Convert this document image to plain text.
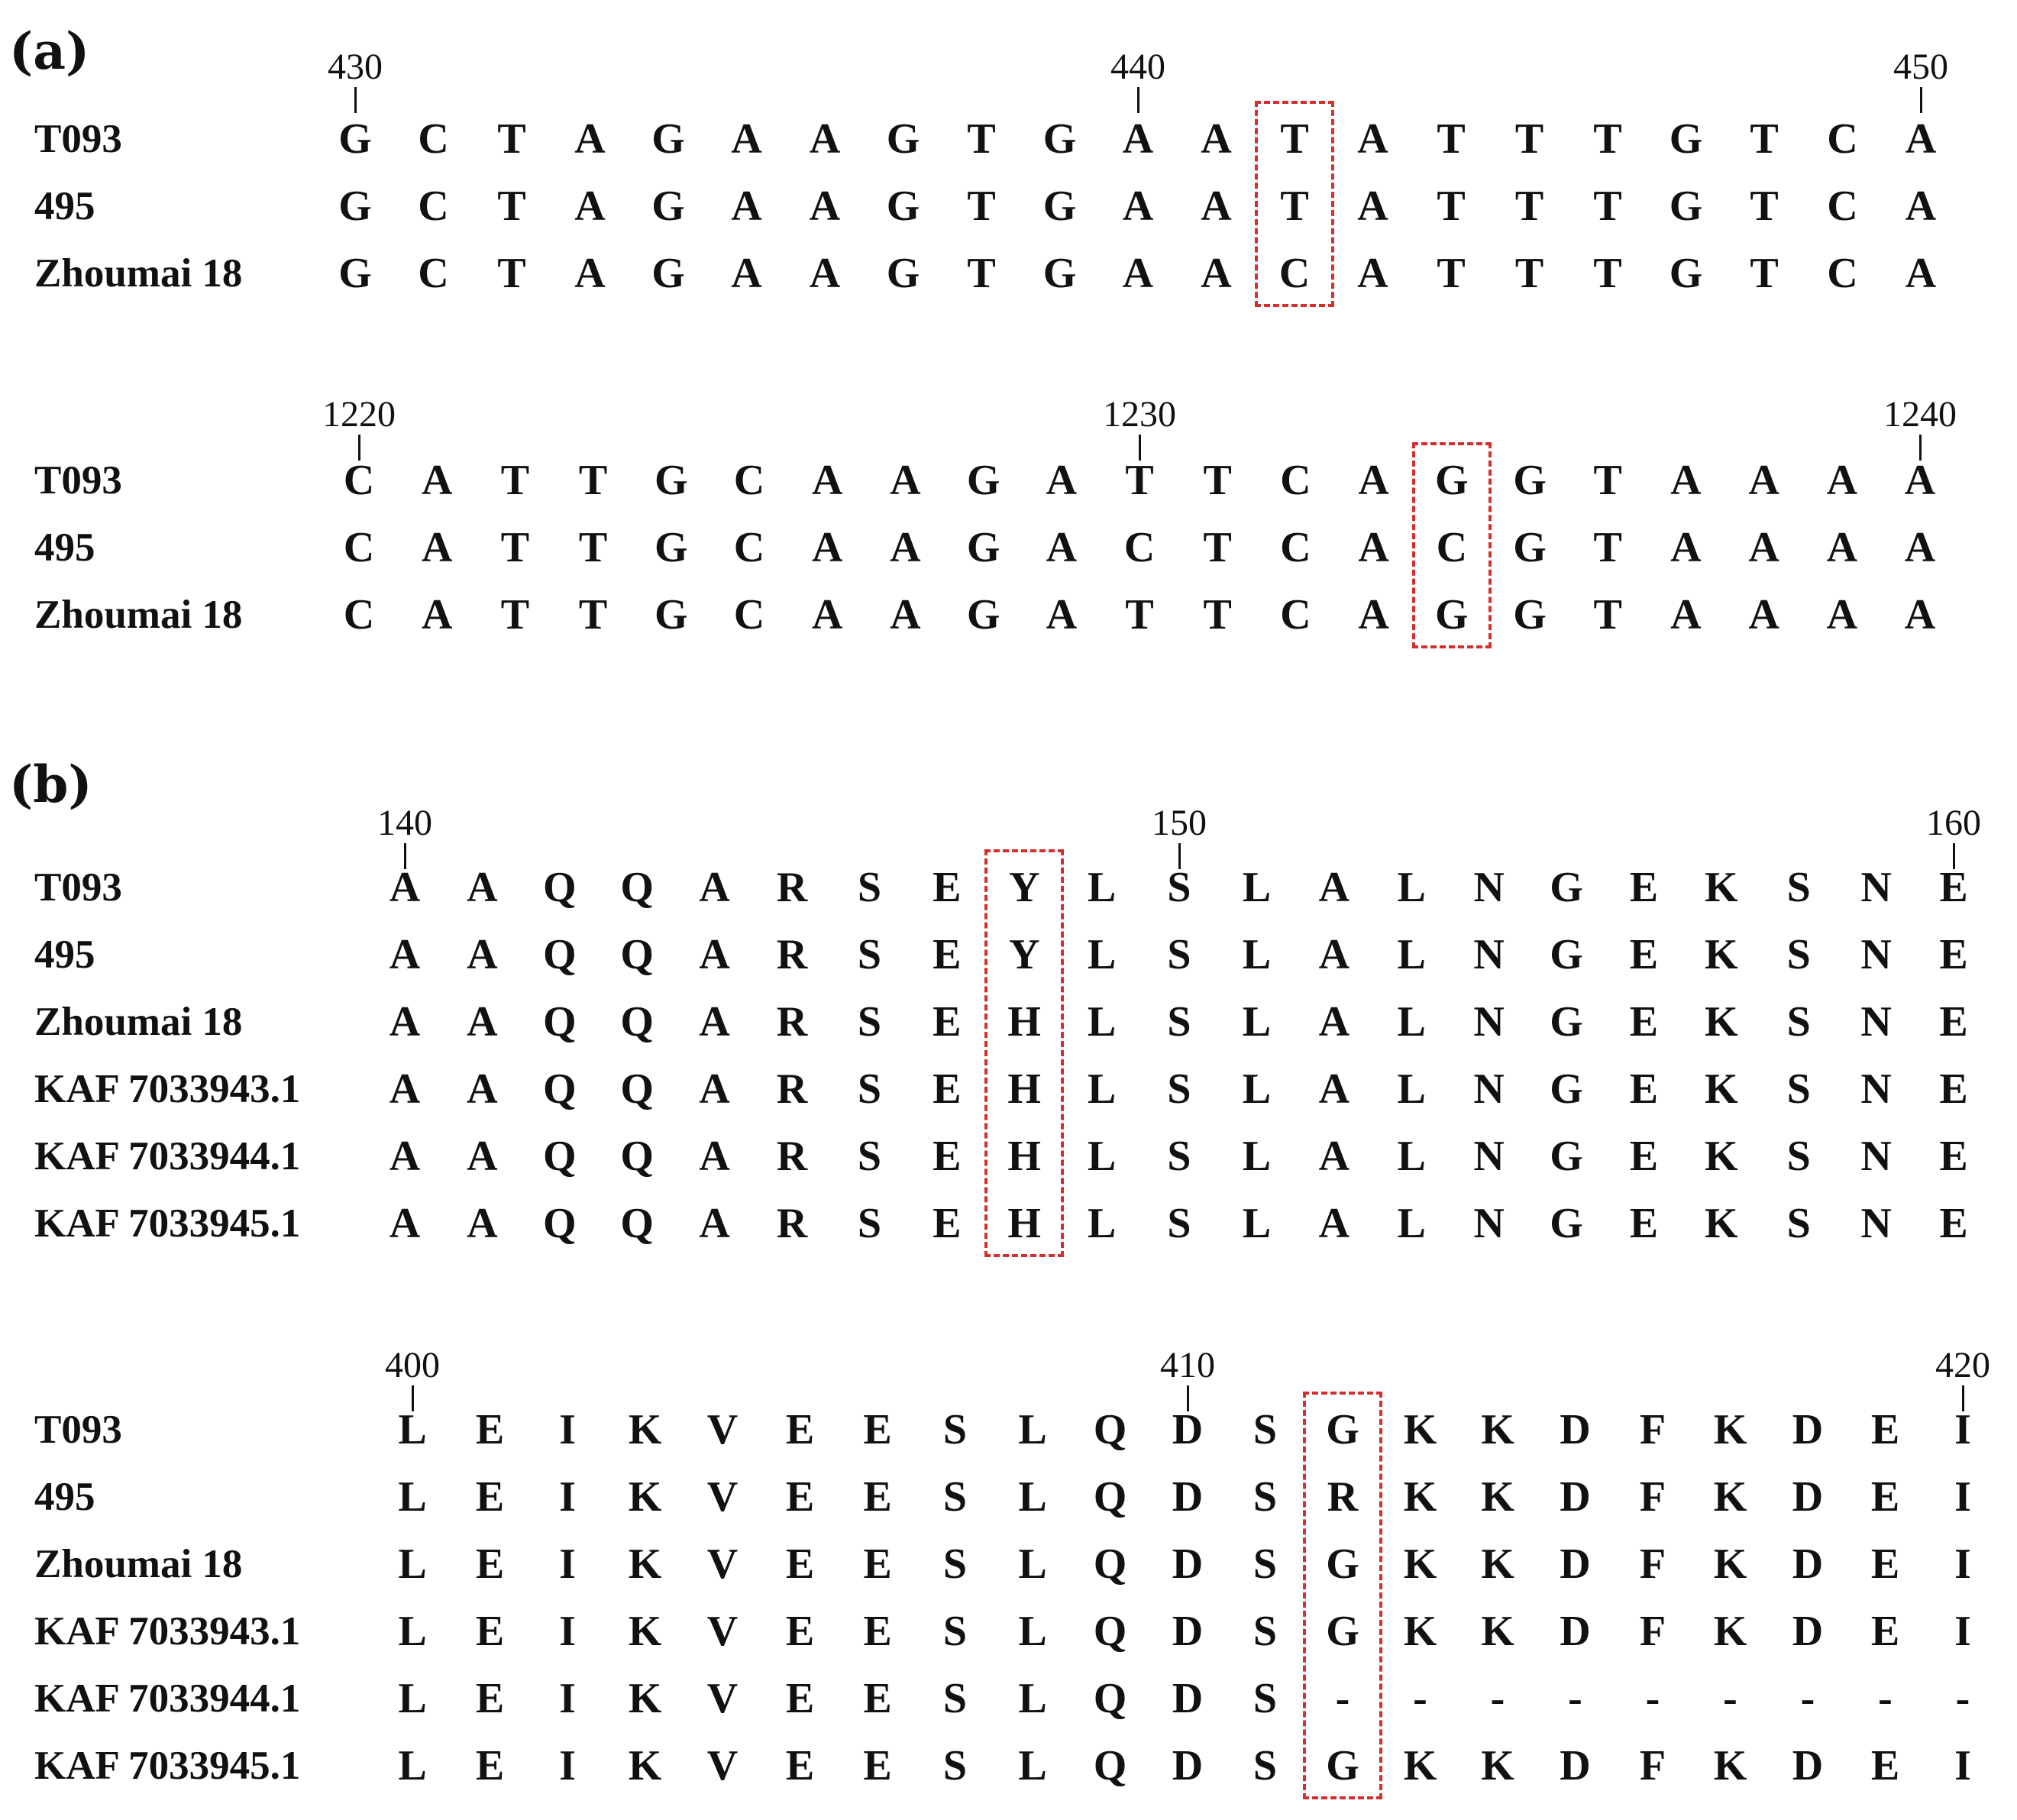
(a)	430	440	450
T093	G	C	T	A	G	A	A	G	T	G	A	A	T	A	T	T	T	G	T	C	A
495	G	C	T	A	G	A	A	G	T	G	A	A	T	A	T	T	T	G	T	C	A
Zhoumai 18	G	C	T	A	G	A	A	G	T	G	A	A	C	A	T	T	T	G	T	C	A
1220	1230	1240
T093	C	A	T	T	G	C	A	A	G	A	T	T	C	A	G	G	T	A	A	A	A
495	C	A	T	T	G	C	A	A	G	A	C	T	C	A	C	G	T	A	A	A	A
Zhoumai 18	C	A	T	T	G	C	A	A	G	A	T	T	C	A	G	G	T	A	A	A	A
(b)
140	150	160
T093	A	A	Q	Q	A	R	S	E	Y	L	S	L	A	L	N	G	E	K	S	N	E
495	A	A	Q	Q	A	R	S	E	Y	L	S	L	A	L	N	G	E	K	S	N	E
Zhoumai 18	A	A	Q	Q	A	R	S	E	H	L	S	L	A	L	N	G	E	K	S	N	E
KAF 7033943.1	A	A	Q	Q	A	R	S	E	H	L	S	L	A	L	N	G	E	K	S	N	E
KAF 7033944.1	A	A	Q	Q	A	R	S	E	H	L	S	L	A	L	N	G	E	K	S	N	E
KAF 7033945.1	A	A	Q	Q	A	R	S	E	H	L	S	L	A	L	N	G	E	K	S	N	E
400	410	420
T093	L	E	I	K	V	E	E	S	L	Q	D	S	G	K	K	D	F	K	D	E	I
495	L	E	I	K	V	E	E	S	L	Q	D	S	R	K	K	D	F	K	D	E	I
Zhoumai 18	L	E	I	K	V	E	E	S	L	Q	D	S	G	K	K	D	F	K	D	E	I
KAF 7033943.1	L	E	I	K	V	E	E	S	L	Q	D	S	G	K	K	D	F	K	D	E	I
KAF 7033944.1	L	E	I	K	V	E	E	S	L	Q	D	S	-	-	-	-	-	-	-	-	-
KAF 7033945.1	L	E	I	K	V	E	E	S	L	Q	D	S	G	K	K	D	F	K	D	E	I
